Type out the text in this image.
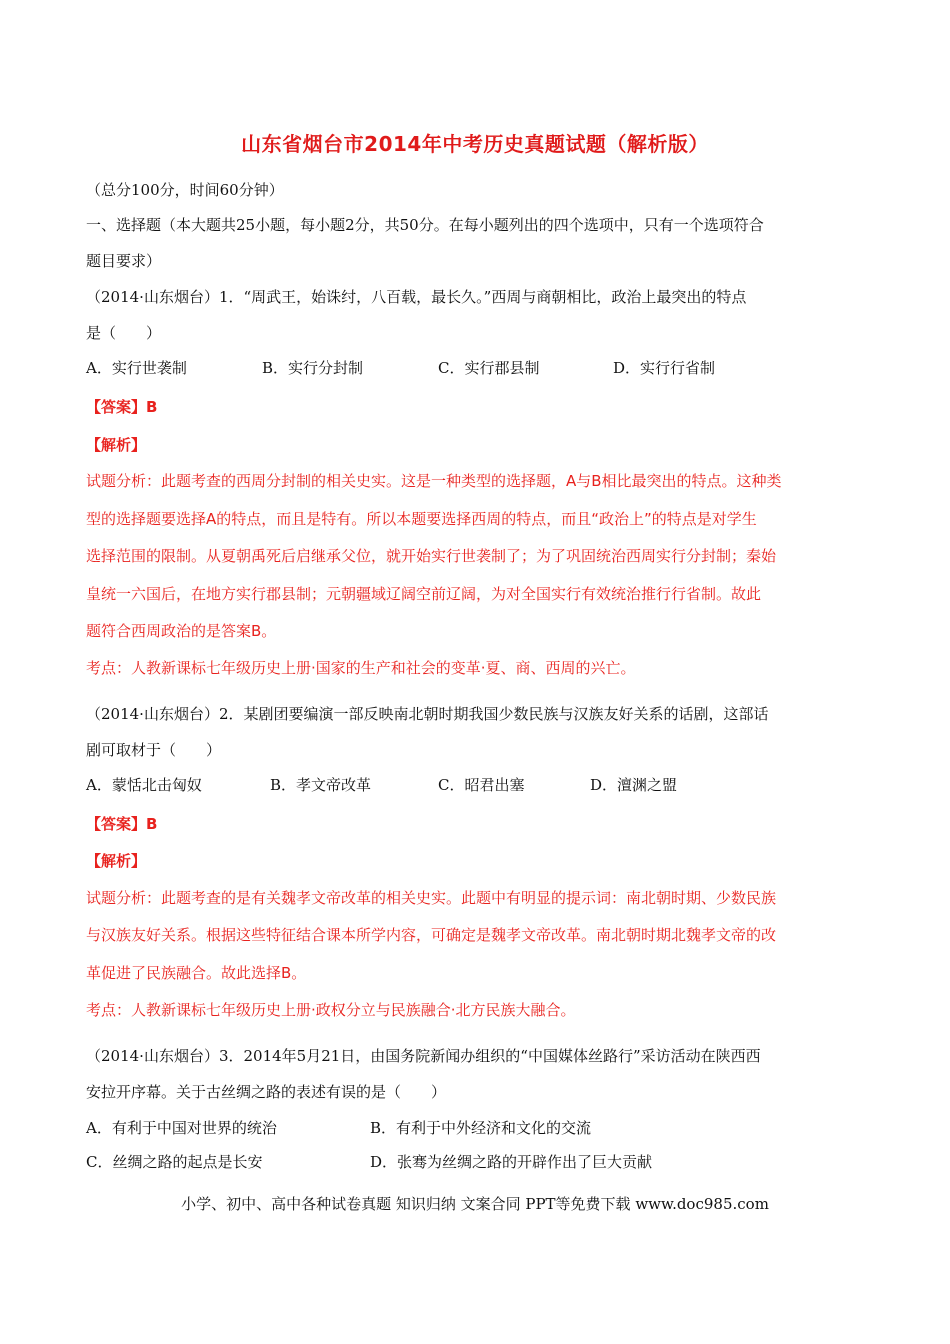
山东省烟台市2014年中考历史真题试题（解析版）
（总分100分，时间60分钟）
一、选择题（本大题共25小题，每小题2分，共50分。在每小题列出的四个选项中，只有一个选项符合
题目要求）
（2014·山东烟台）1．“周武王，始诛纣，八百载，最长久。”西周与商朝相比，政治上最突出的特点
是（　　）
A．实行世袭制	B．实行分封制	C．实行郡县制	D．实行行省制
【答案】B
【解析】
试题分析：此题考查的西周分封制的相关史实。这是一种类型的选择题，A与B相比最突出的特点。这种类
型的选择题要选择A的特点，而且是特有。所以本题要选择西周的特点，而且“政治上”的特点是对学生
选择范围的限制。从夏朝禹死后启继承父位，就开始实行世袭制了；为了巩固统治西周实行分封制；秦始
皇统一六国后，在地方实行郡县制；元朝疆域辽阔空前辽阔，为对全国实行有效统治推行行省制。故此
题符合西周政治的是答案B。
考点：人教新课标七年级历史上册·国家的生产和社会的变革·夏、商、西周的兴亡。
（2014·山东烟台）2．某剧团要编演一部反映南北朝时期我国少数民族与汉族友好关系的话剧，这部话
剧可取材于（　　）
A．蒙恬北击匈奴	B．孝文帝改革	C．昭君出塞	D．澶渊之盟
【答案】B
【解析】
试题分析：此题考查的是有关魏孝文帝改革的相关史实。此题中有明显的提示词：南北朝时期、少数民族
与汉族友好关系。根据这些特征结合课本所学内容，可确定是魏孝文帝改革。南北朝时期北魏孝文帝的改
革促进了民族融合。故此选择B。
考点：人教新课标七年级历史上册·政权分立与民族融合·北方民族大融合。
（2014·山东烟台）3．2014年5月21日，由国务院新闻办组织的“中国媒体丝路行”采访活动在陕西西
安拉开序幕。关于古丝绸之路的表述有误的是（　　）
A．有利于中国对世界的统治	B．有利于中外经济和文化的交流
C．丝绸之路的起点是长安	D．张骞为丝绸之路的开辟作出了巨大贡献
小学、初中、高中各种试卷真题 知识归纳 文案合同 PPT等免费下载 www.doc985.com
